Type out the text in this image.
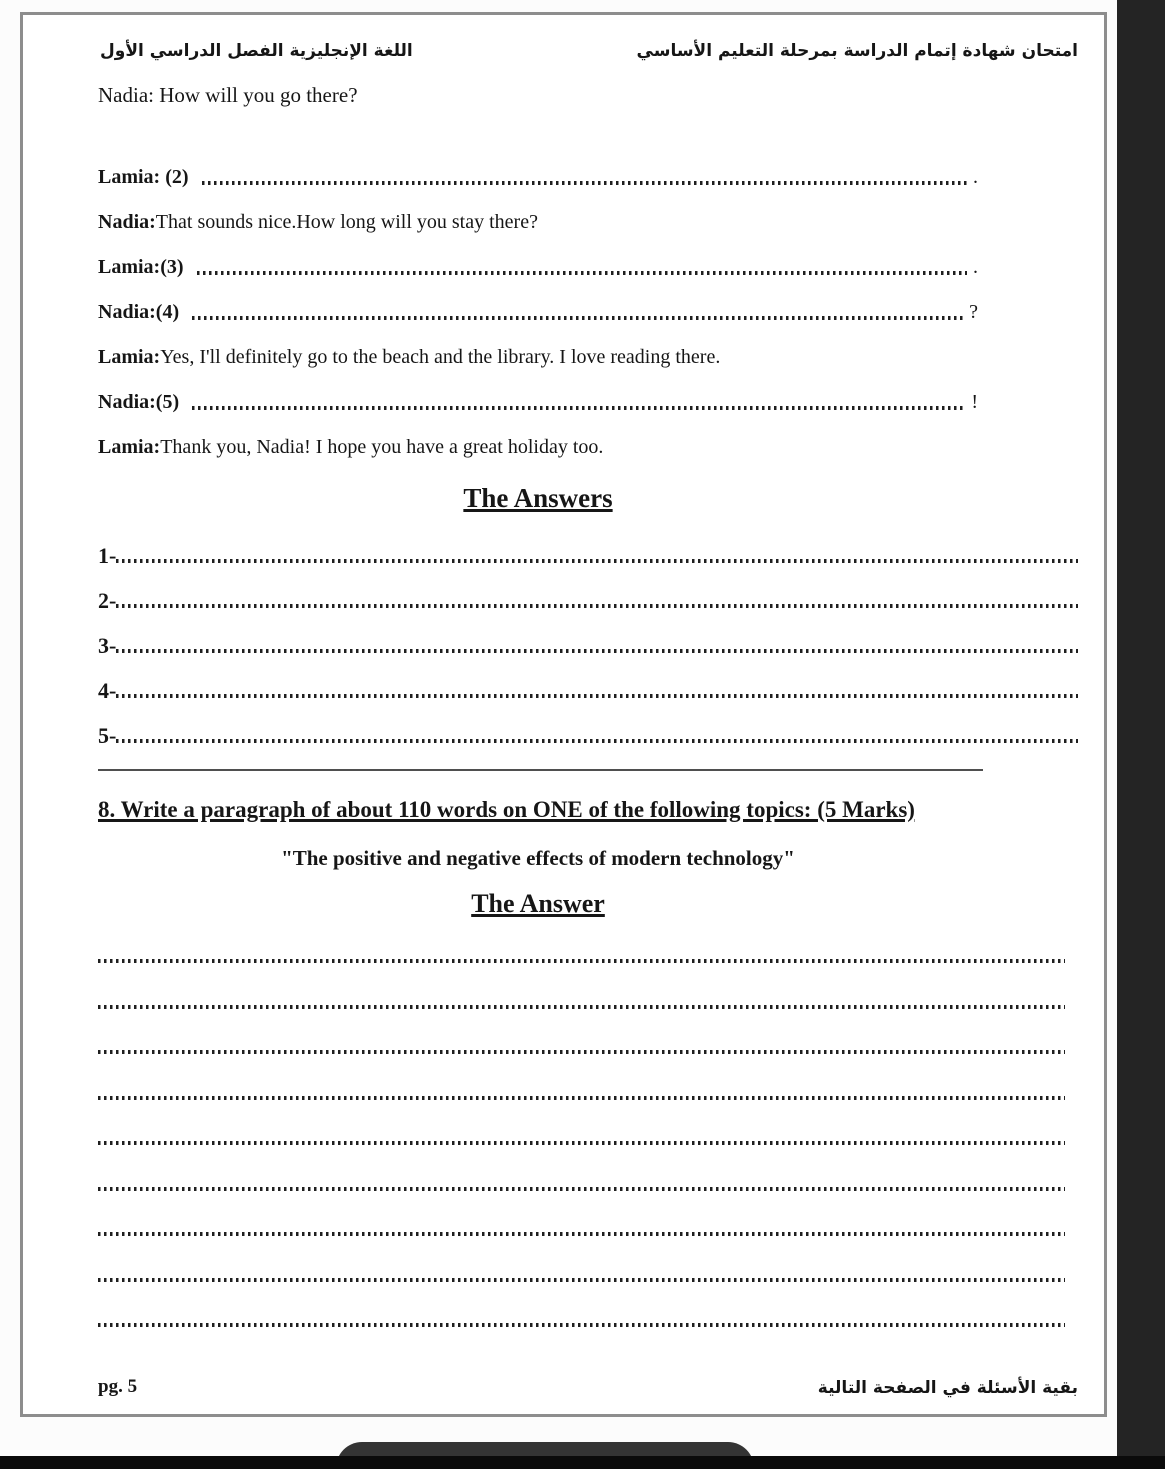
امتحان شهادة إتمام الدراسة بمرحلة التعليم الأساسي
اللغة الإنجليزية الفصل الدراسي الأول
Nadia: How will you go there?
Lamia: (2)	.
Nadia: That sounds nice.How long will you stay there?
Lamia:(3)	.
Nadia:(4)	?
Lamia: Yes, I'll definitely go to the beach and the library. I love reading there.
Nadia:(5)	!
Lamia: Thank you, Nadia! I hope you have a great holiday too.
The Answers
1-
2-
3-
4-
5-
8. Write a paragraph of about 110 words on ONE of the following topics: (5 Marks)
"The positive and negative effects of modern technology"
The Answer
pg. 5	بقية الأسئلة في الصفحة التالية
